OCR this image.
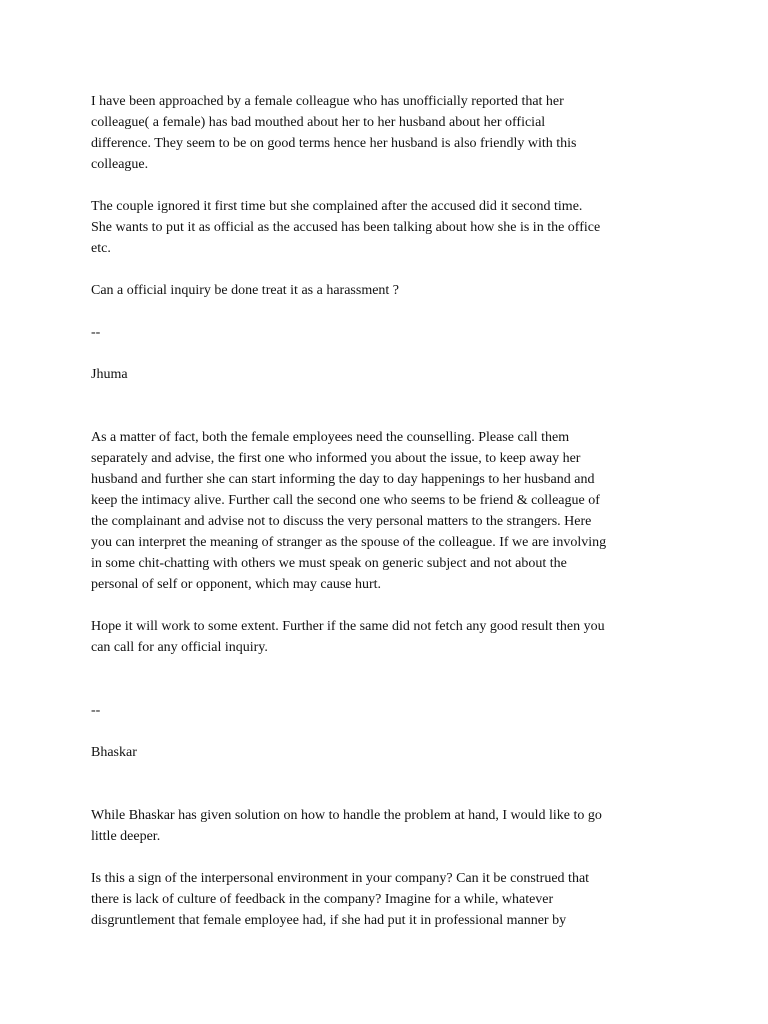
I have been approached by a female colleague who has unofficially reported that her

colleague( a female) has bad mouthed about her to her husband about her official

difference. They seem to be on good terms hence her husband is also friendly with this

colleague.

The couple ignored it first time but she complained after the accused did it second time.

She wants to put it as official as the accused has been talking about how she is in the office

etc.

Can a official inquiry be done treat it as a harassment ?

--

Jhuma

As a matter of fact, both the female employees need the counselling. Please call them

separately and advise, the first one who informed you about the issue, to keep away her

husband and further she can start informing the day to day happenings to her husband and

keep the intimacy alive. Further call the second one who seems to be friend & colleague of

the complainant and advise not to discuss the very personal matters to the strangers. Here

you can interpret the meaning of stranger as the spouse of the colleague. If we are involving

in some chit-chatting with others we must speak on generic subject and not about the

personal of self or opponent, which may cause hurt.

Hope it will work to some extent. Further if the same did not fetch any good result then you

can call for any official inquiry.

--

Bhaskar

While Bhaskar has given solution on how to handle the problem at hand, I would like to go

little deeper.

Is this a sign of the interpersonal environment in your company? Can it be construed that

there is lack of culture of feedback in the company? Imagine for a while, whatever

disgruntlement that female employee had, if she had put it in professional manner by
